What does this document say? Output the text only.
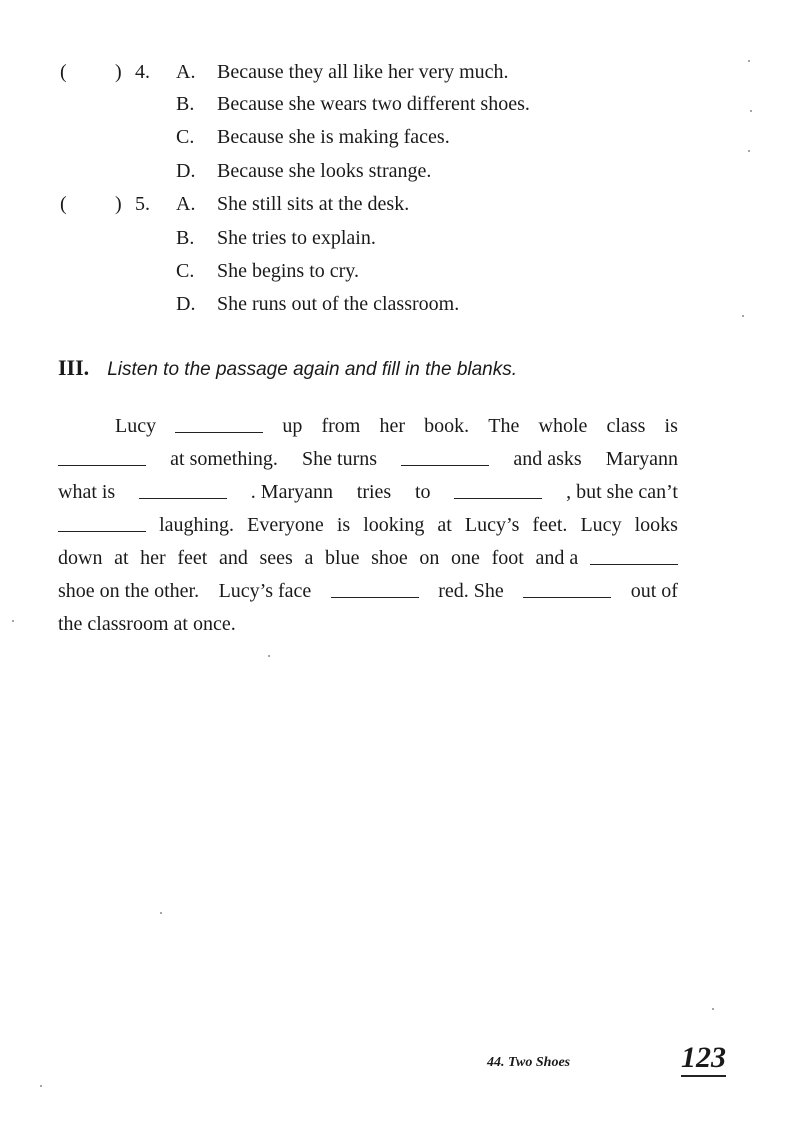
( ) 4. A. Because they all like her very much.
B. Because she wears two different shoes.
C. Because she is making faces.
D. Because she looks strange.
( ) 5. A. She still sits at the desk.
B. She tries to explain.
C. She begins to cry.
D. She runs out of the classroom.
III. Listen to the passage again and fill in the blanks.
Lucy	up from her book. The whole class is
at something. She turns	and asks Maryann
what is	. Maryann tries to	, but she can’t
laughing. Everyone is looking at Lucy’s feet. Lucy looks
down at her feet and sees a blue shoe on one foot and a
shoe on the other. Lucy’s face	red. She	out of
the classroom at once.
44. Two Shoes	123
